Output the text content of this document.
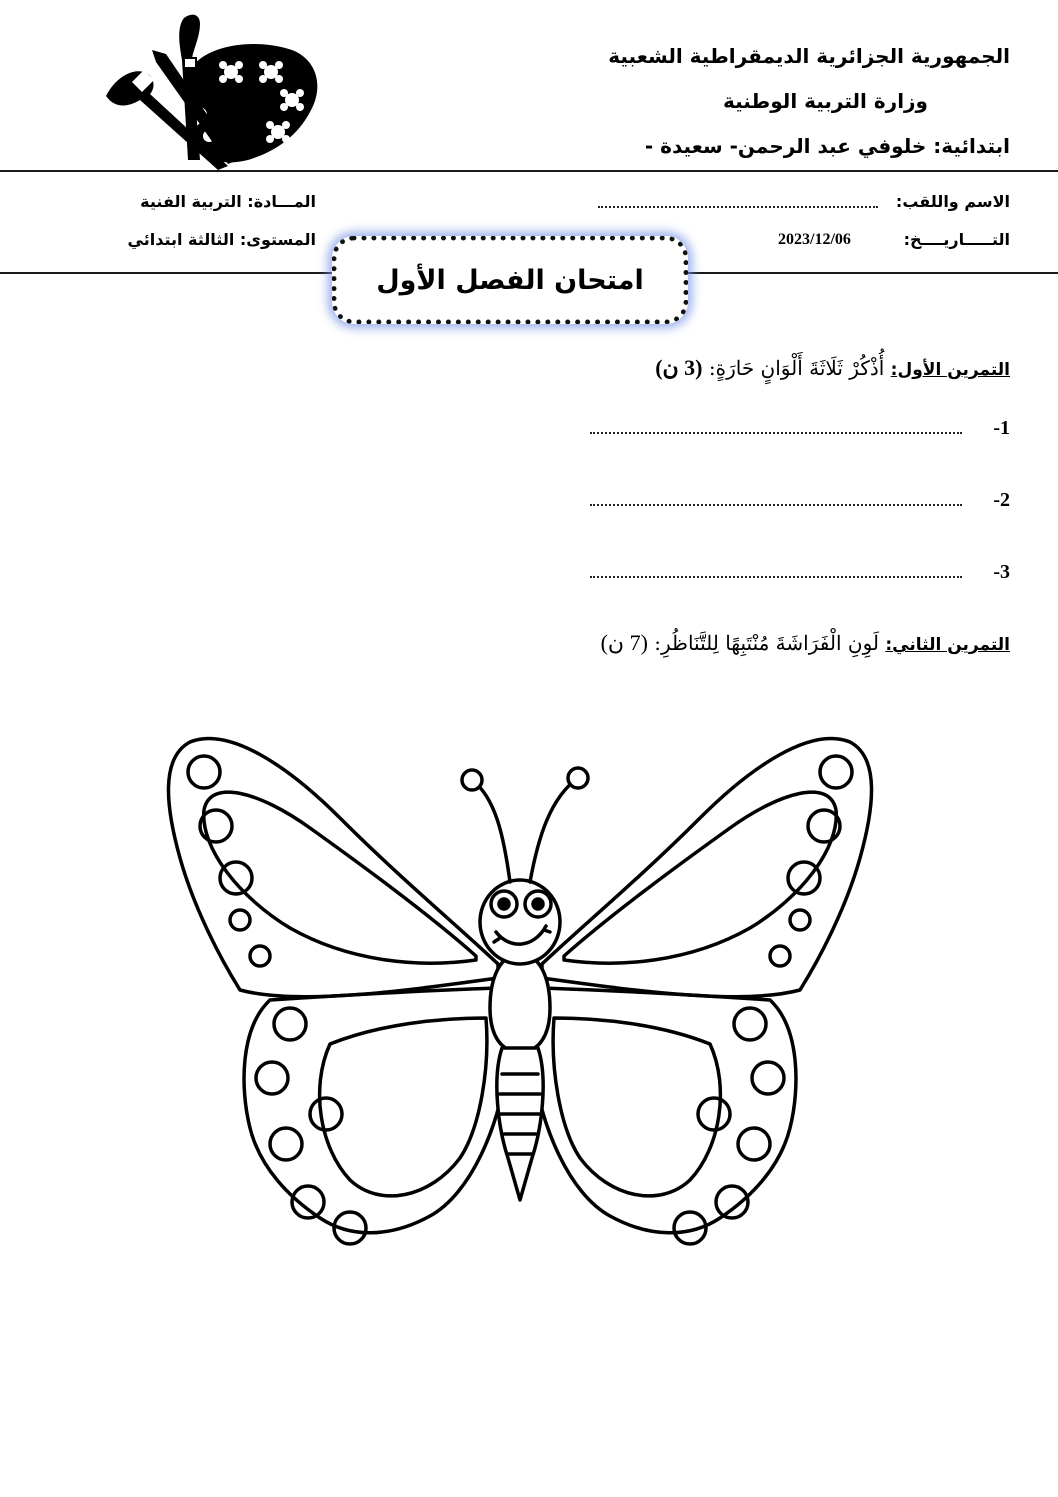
الجمهورية الجزائرية الديمقراطية الشعبية
وزارة التربية الوطنية
ابتدائية: خلوفي عبد الرحمن- سعيدة -
الاسم واللقب:
التـــــاريــــخ:
2023/12/06
المـــادة: التربية الفنية
المستوى: الثالثة ابتدائي
امتحان الفصل الأول
التمرين الأول: أُذْكُرْ ثَلَاثَةَ أَلْوَانٍ حَارَةٍ: (3 ن)
-1
-2
-3
التمرين الثاني: لَوِنِ الْفَرَاشَةَ مُنْتَبِهًا لِلتَّنَاظُرِ: (7 ن)
